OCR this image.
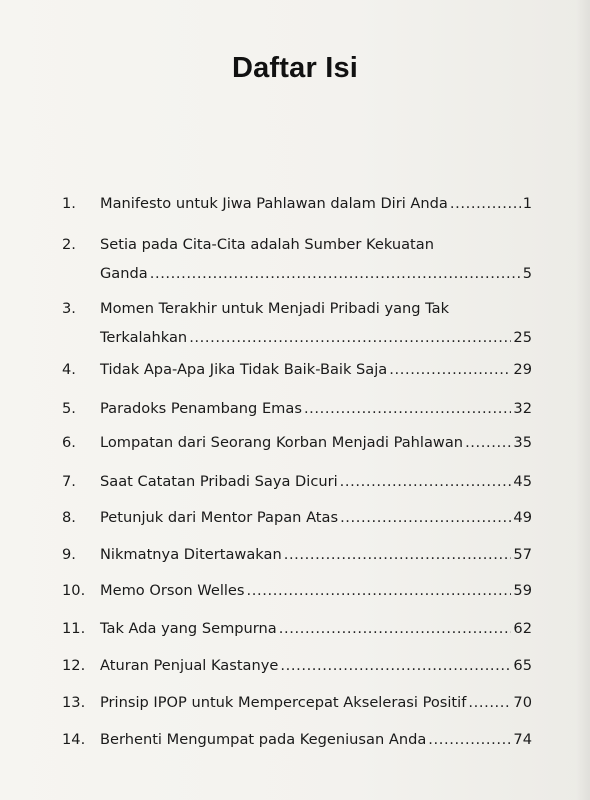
Daftar Isi
1. Manifesto untuk Jiwa Pahlawan dalam Diri Anda .....	1
2. Setia pada Cita-Cita adalah Sumber Kekuatan
Ganda .....	5
3. Momen Terakhir untuk Menjadi Pribadi yang Tak
Terkalahkan .....	25
4. Tidak Apa-Apa Jika Tidak Baik-Baik Saja .....	29
5. Paradoks Penambang Emas .....	32
6. Lompatan dari Seorang Korban Menjadi Pahlawan .....	35
7. Saat Catatan Pribadi Saya Dicuri .....	45
8. Petunjuk dari Mentor Papan Atas .....	49
9. Nikmatnya Ditertawakan .....	57
10. Memo Orson Welles .....	59
11. Tak Ada yang Sempurna .....	62
12. Aturan Penjual Kastanye .....	65
13. Prinsip IPOP untuk Mempercepat Akselerasi Positif .....	70
14. Berhenti Mengumpat pada Kegeniusan Anda .....	74
